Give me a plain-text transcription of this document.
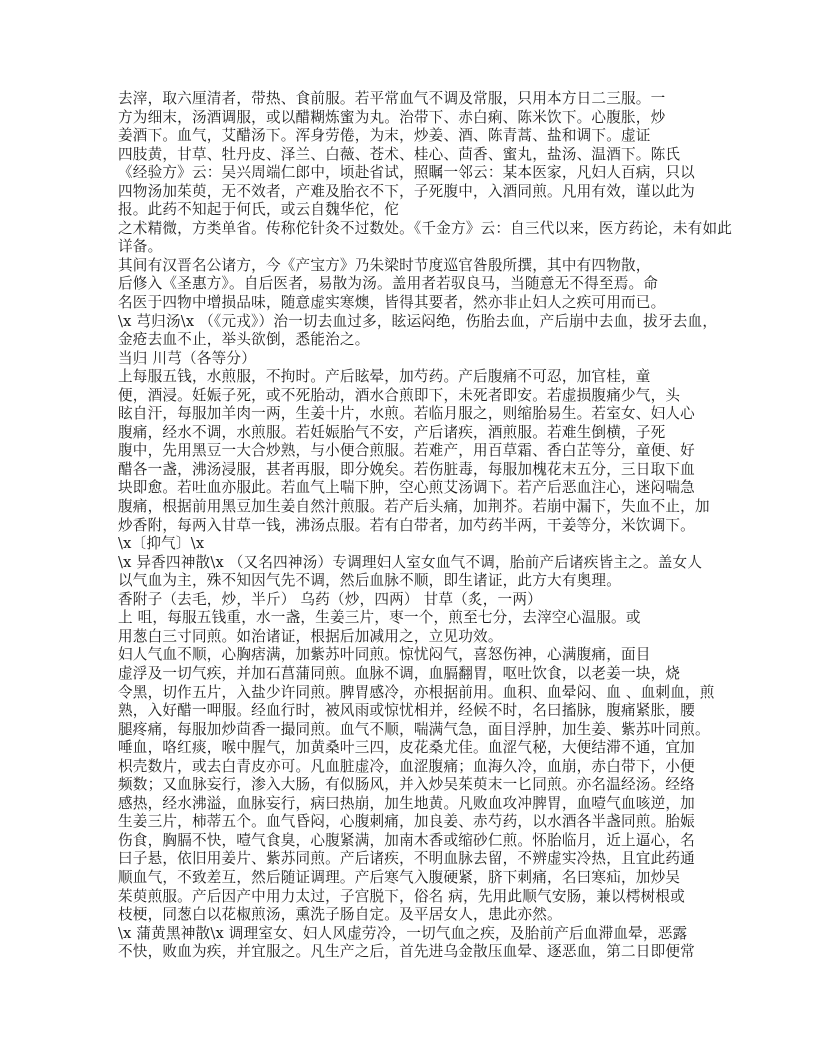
去滓，取六厘清者，带热、食前服。若平常血气不调及常服，只用本方日二三服。一

方为细末，汤酒调服，或以醋糊炼蜜为丸。治带下、赤白痢、陈米饮下。心腹胀，炒

姜酒下。血气，艾醋汤下。浑身劳倦，为末，炒姜、酒、陈青蒿、盐和调下。虚证

四肢黄，甘草、牡丹皮、泽兰、白薇、苍术、桂心、茴香、蜜丸，盐汤、温酒下。陈氏

《经验方》云：吴兴周端仁郎中，顷赴省试，照瞩一邻云：某本医家，凡妇人百病，只以

四物汤加茱萸，无不效者，产难及胎衣不下，子死腹中，入酒同煎。凡用有效，谨以此为

报。此药不知起于何氏，或云自魏华佗，佗

之术精微，方类单省。传称佗针灸不过数处。《千金方》云：自三代以来，医方药论，未有如此

详备。

其间有汉晋名公诸方，今《产宝方》乃朱梁时节度巡官昝殷所撰，其中有四物散，

后修入《圣惠方》。自后医者，易散为汤。盖用者若驭良马，当随意无不得至焉。命

名医于四物中增损品味，随意虚实寒燠，皆得其要者，然亦非止妇人之疾可用而已。

\x 芎归汤\x （《元戎》）治一切去血过多，眩运闷绝，伤胎去血，产后崩中去血，拔牙去血，

金疮去血不止，举头欲倒，悉能治之。

当归 川芎（各等分）

上每服五钱，水煎服，不拘时。产后眩晕，加芍药。产后腹痛不可忍，加官桂，童

便，酒浸。妊娠子死，或不死胎动，酒水合煎即下，未死者即安。若虚损腹痛少气，头

眩自汗，每服加羊肉一两，生姜十片，水煎。若临月服之，则缩胎易生。若室女、妇人心

腹痛，经水不调，水煎服。若妊娠胎气不安，产后诸疾，酒煎服。若难生倒横，子死

腹中，先用黑豆一大合炒熟，与小便合煎服。若难产，用百草霜、香白芷等分，童便、好

醋各一盏，沸汤浸服，甚者再服，即分娩矣。若伤脏毒，每服加槐花末五分，三日取下血

块即愈。若吐血亦服此。若血气上喘下肿，空心煎艾汤调下。若产后恶血注心，迷闷喘急

腹痛，根据前用黑豆加生姜自然汁煎服。若产后头痛，加荆芥。若崩中漏下，失血不止，加

炒香附，每两入甘草一钱，沸汤点服。若有白带者，加芍药半两，干姜等分，米饮调下。

\x〔抑气〕\x

\x 异香四神散\x （又名四神汤）专调理妇人室女血气不调，胎前产后诸疾皆主之。盖女人

以气血为主，殊不知因气先不调，然后血脉不顺，即生诸证，此方大有奥理。

香附子（去毛，炒，半斤） 乌药（炒，四两） 甘草（炙，一两）

上 咀，每服五钱重，水一盏，生姜三片，枣一个，煎至七分，去滓空心温服。或

用葱白三寸同煎。如治诸证，根据后加减用之，立见功效。

妇人气血不顺，心胸痞满，加紫苏叶同煎。惊忧闷气，喜怒伤神，心满腹痛，面目

虚浮及一切气疾，并加石菖蒲同煎。血脉不调，血膈翻胃，呕吐饮食，以老姜一块，烧

令黑，切作五片，入盐少许同煎。脾胃感冷，亦根据前用。血积、血晕闷、血 、血刺血，煎

熟，入好醋一呷服。经血行时，被风雨或惊忧相并，经候不时，名曰搐脉，腹痛紧胀，腰

腿疼痛，每服加炒茴香一撮同煎。血气不顺，喘满气急，面目浮肿，加生姜、紫苏叶同煎。

唾血，咯红痰，喉中腥气，加黄桑叶三四，皮花桑尤佳。血涩气秘，大便结滞不通，宜加

枳壳数片，或去白青皮亦可。凡血脏虚冷，血涩腹痛；血海久冷，血崩，赤白带下，小便

频数；又血脉妄行，渗入大肠，有似肠风，并入炒吴茱萸末一匕同煎。亦名温经汤。经络

感热，经水沸溢，血脉妄行，病曰热崩，加生地黄。凡败血攻冲脾胃，血噎气血咳逆，加

生姜三片，柿蒂五个。血气昏闷，心腹刺痛，加良姜、赤芍药，以水酒各半盏同煎。胎娠

伤食，胸膈不快，噎气食臭，心腹紧满，加南木香或缩砂仁煎。怀胎临月，近上逼心，名

曰子悬，依旧用姜片、紫苏同煎。产后诸疾，不明血脉去留，不辨虚实冷热，且宜此药通

顺血气，不致差互，然后随证调理。产后寒气入腹硬紧，脐下刺痛，名曰寒疝，加炒吴

茱萸煎服。产后因产中用力太过，子宫脱下，俗名 病，先用此顺气安肠，兼以樗树根或

枝梗，同葱白以花椒煎汤，熏洗子肠自定。及平居女人，患此亦然。

\x 蒲黄黑神散\x 调理室女、妇人风虚劳冷，一切气血之疾，及胎前产后血滞血晕，恶露

不快，败血为疾，并宜服之。凡生产之后，首先进乌金散压血晕、逐恶血，第二日即便常
